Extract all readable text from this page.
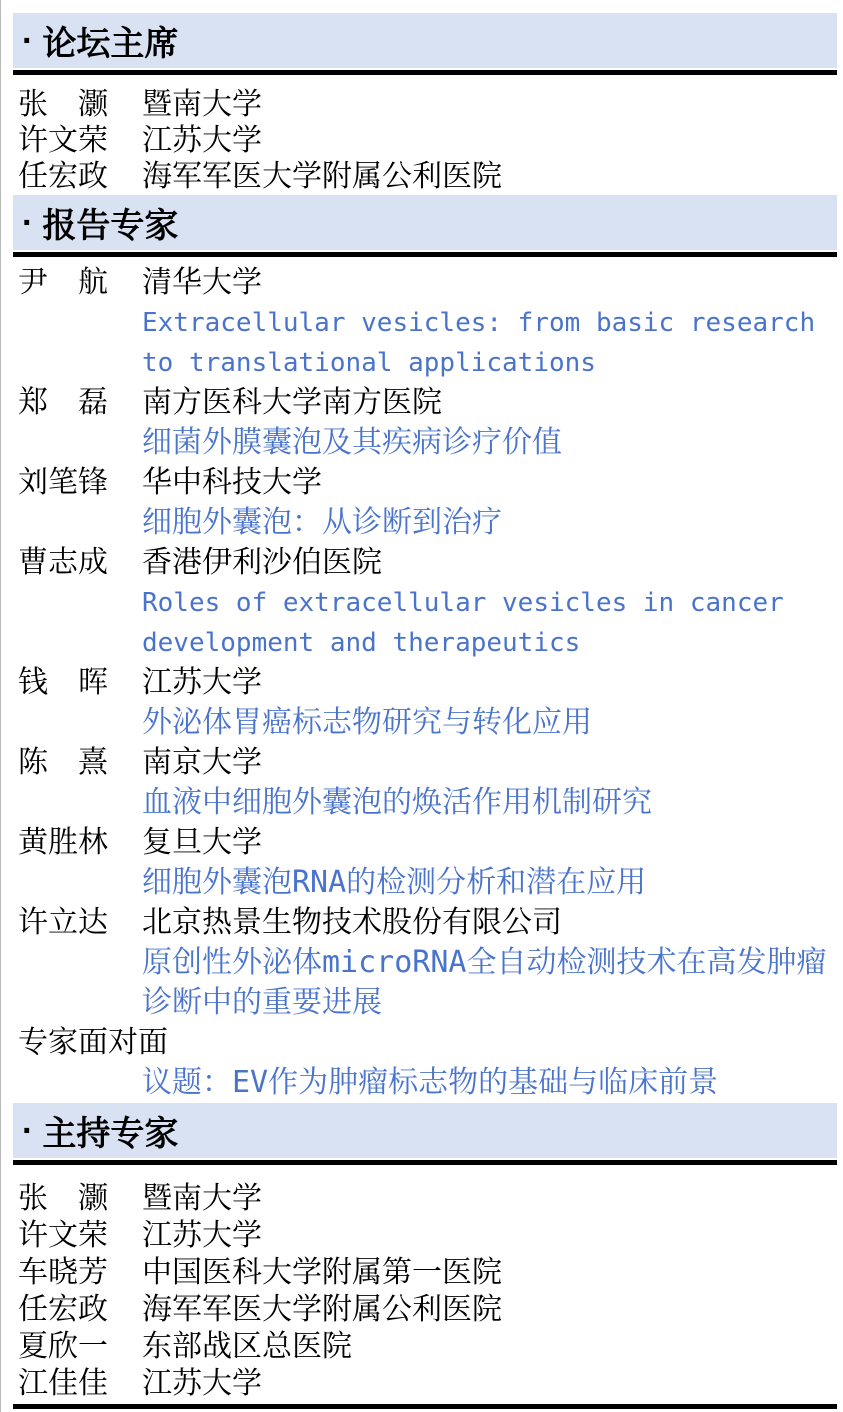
· 论坛主席
张　灏	暨南大学
许文荣	江苏大学
任宏政	海军军医大学附属公利医院
· 报告专家
尹　航	清华大学
Extracellular vesicles: from basic research to translational applications
郑　磊	南方医科大学南方医院
细菌外膜囊泡及其疾病诊疗价值
刘笔锋	华中科技大学
细胞外囊泡：从诊断到治疗
曹志成	香港伊利沙伯医院
Roles of extracellular vesicles in cancer development and therapeutics
钱　晖	江苏大学
外泌体胃癌标志物研究与转化应用
陈　熹	南京大学
血液中细胞外囊泡的焕活作用机制研究
黄胜林	复旦大学
细胞外囊泡RNA的检测分析和潜在应用
许立达	北京热景生物技术股份有限公司
原创性外泌体microRNA全自动检测技术在高发肿瘤诊断中的重要进展
专家面对面
议题：EV作为肿瘤标志物的基础与临床前景
· 主持专家
张　灏	暨南大学
许文荣	江苏大学
车晓芳	中国医科大学附属第一医院
任宏政	海军军医大学附属公利医院
夏欣一	东部战区总医院
江佳佳	江苏大学
